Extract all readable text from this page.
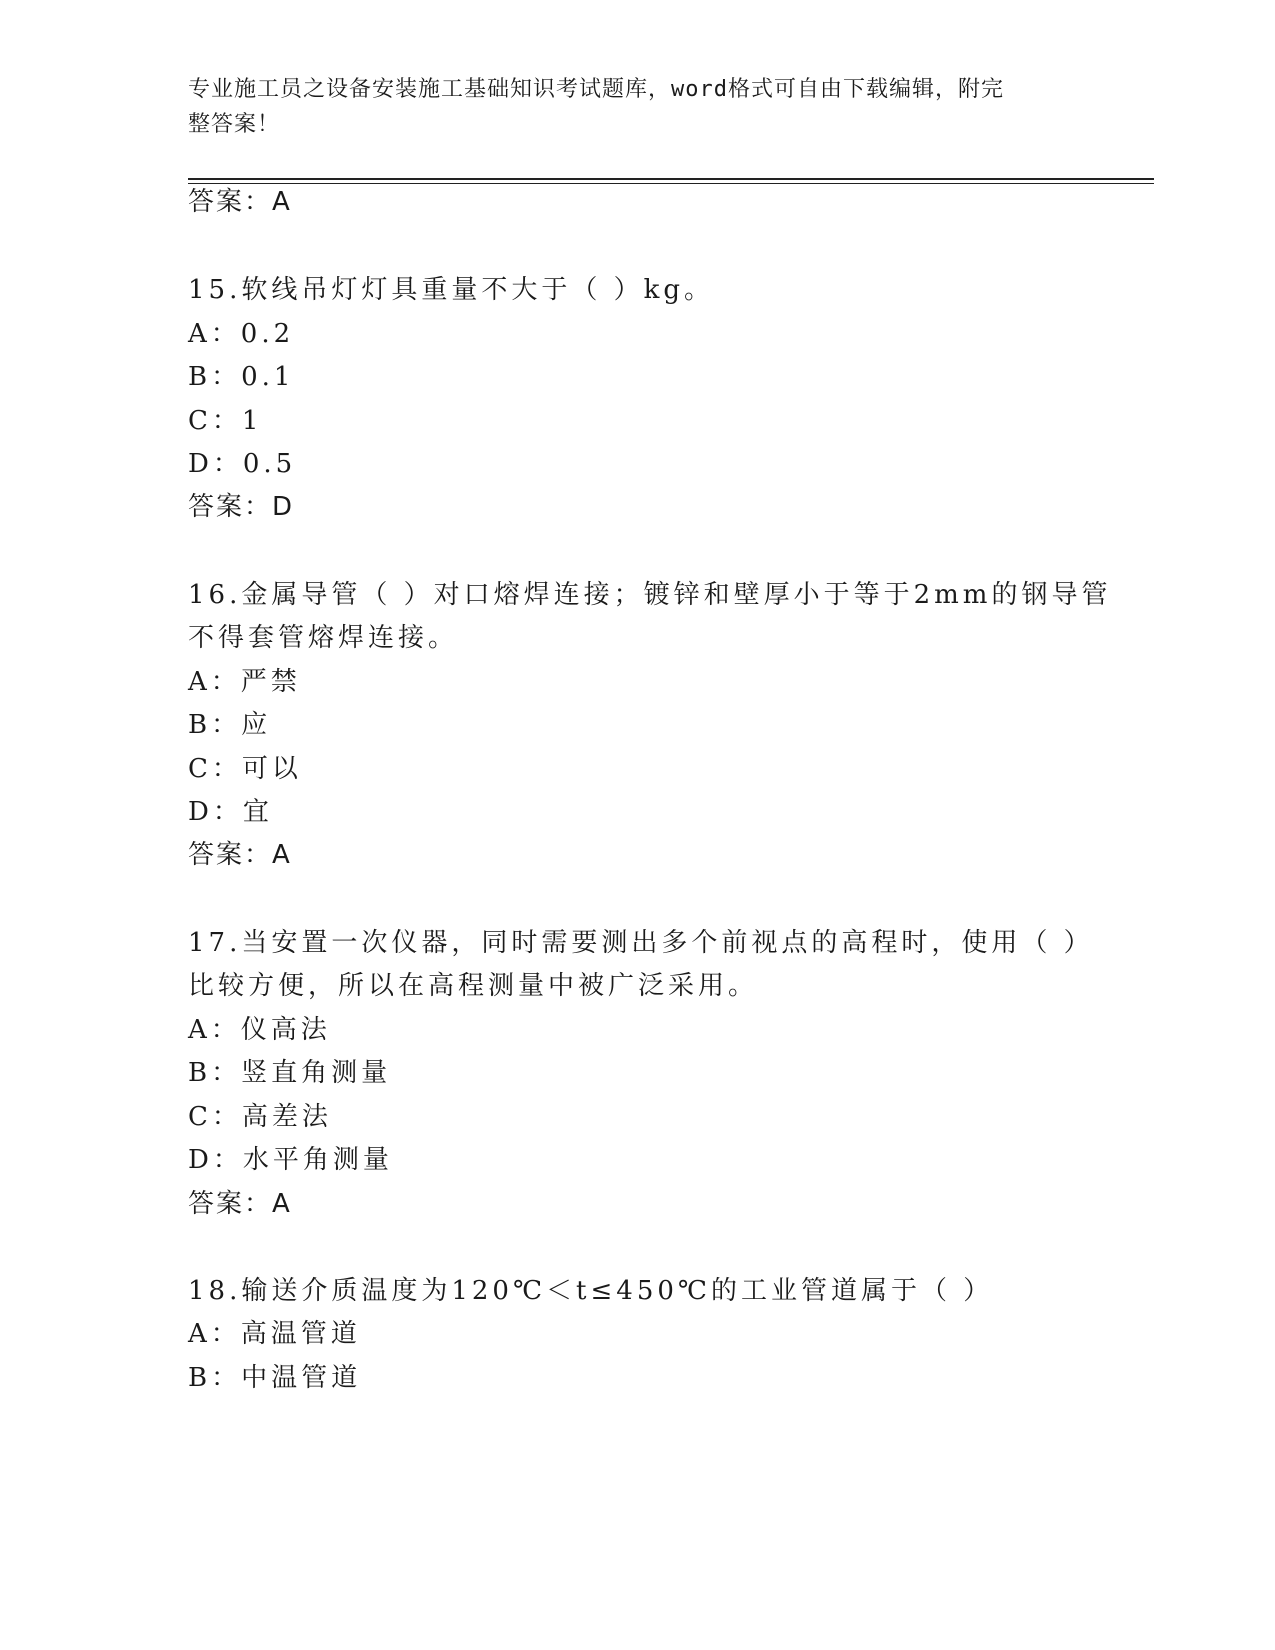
专业施工员之设备安装施工基础知识考试题库，word格式可自由下载编辑，附完
整答案！
答案：A
15.软线吊灯灯具重量不大于（ ）kg。
A：0.2
B：0.1
C：1
D：0.5
答案：D
16.金属导管（ ）对口熔焊连接；镀锌和壁厚小于等于2mm的钢导管
不得套管熔焊连接。
A：严禁
B：应
C：可以
D：宜
答案：A
17.当安置一次仪器，同时需要测出多个前视点的高程时，使用（ ）
比较方便，所以在高程测量中被广泛采用。
A：仪高法
B：竖直角测量
C：高差法
D：水平角测量
答案：A
18.输送介质温度为120℃＜t≤450℃的工业管道属于（ ）
A：高温管道
B：中温管道
